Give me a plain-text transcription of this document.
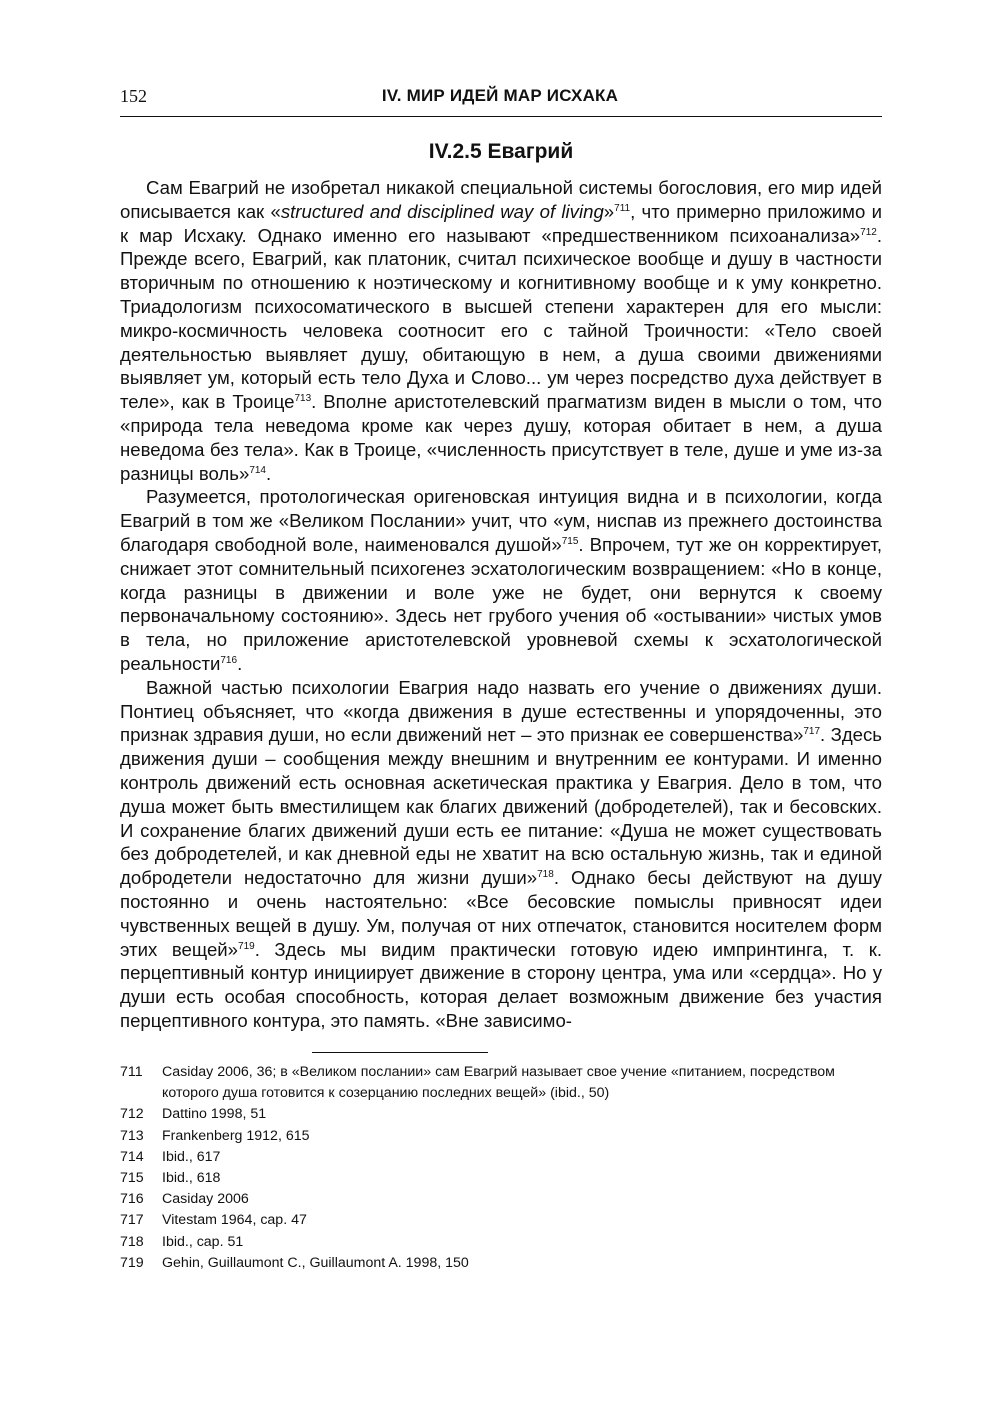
152	IV. МИР ИДЕЙ МАР ИСХАКА
IV.2.5 Евагрий

Сам Евагрий не изобретал никакой специальной системы богословия, его мир идей описывается как «structured and disciplined way of living»$^{711}$, что примерно приложимо и к мар Исхаку. Однако именно его называют «предшественником психоанализа»$^{712}$. Прежде всего, Евагрий, как платоник, считал психическое вообще и душу в частности вторичным по отношению к ноэтическому и когнитивному вообще и к уму конкретно. Триадологизм психосоматического в высшей степени характерен для его мысли: микро-космичность человека соотносит его с тайной Троичности: «Тело своей деятельностью выявляет душу, обитающую в нем, а душа своими движениями выявляет ум, который есть тело Духа и Слово... ум через посредство духа действует в теле», как в Троице$^{713}$. Вполне аристотелевский прагматизм виден в мысли о том, что «природа тела неведома кроме как через душу, которая обитает в нем, а душа неведома без тела». Как в Троице, «численность присутствует в теле, душе и уме из-за разницы воль»$^{714}$.

Разумеется, протологическая оригеновская интуиция видна и в психологии, когда Евагрий в том же «Великом Послании» учит, что «ум, ниспав из прежнего достоинства благодаря свободной воле, наименовался душой»$^{715}$. Впрочем, тут же он корректирует, снижает этот сомнительный психогенез эсхатологическим возвращением: «Но в конце, когда разницы в движении и воле уже не будет, они вернутся к своему первоначальному состоянию». Здесь нет грубого учения об «остывании» чистых умов в тела, но приложение аристотелевской уровневой схемы к эсхатологической реальности$^{716}$.

Важной частью психологии Евагрия надо назвать его учение о движениях души. Понтиец объясняет, что «когда движения в душе естественны и упорядоченны, это признак здравия души, но если движений нет – это признак ее совершенства»$^{717}$. Здесь движения души – сообщения между внешним и внутренним ее контурами. И именно контроль движений есть основная аскетическая практика у Евагрия. Дело в том, что душа может быть вместилищем как благих движений (добродетелей), так и бесовских. И сохранение благих движений души есть ее питание: «Душа не может существовать без добродетелей, и как дневной еды не хватит на всю остальную жизнь, так и единой добродетели недостаточно для жизни души»$^{718}$. Однако бесы действуют на душу постоянно и очень настоятельно: «Все бесовские помыслы привносят идеи чувственных вещей в душу. Ум, получая от них отпечаток, становится носителем форм этих вещей»$^{719}$. Здесь мы видим практически готовую идею импринтинга, т. к. перцептивный контур инициирует движение в сторону центра, ума или «сердца». Но у души есть особая способность, которая делает возможным движение без участия перцептивного контура, это память. «Вне зависимо-

711	Casiday 2006, 36; в «Великом послании» сам Евагрий называет свое учение «питанием, посредством которого душа готовится к созерцанию последних вещей» (ibid., 50)
712	Dattino 1998, 51
713	Frankenberg 1912, 615
714	Ibid., 617
715	Ibid., 618
716	Casiday 2006
717	Vitestam 1964, cap. 47
718	Ibid., cap. 51
719	Gehin, Guillaumont C., Guillaumont A. 1998, 150
